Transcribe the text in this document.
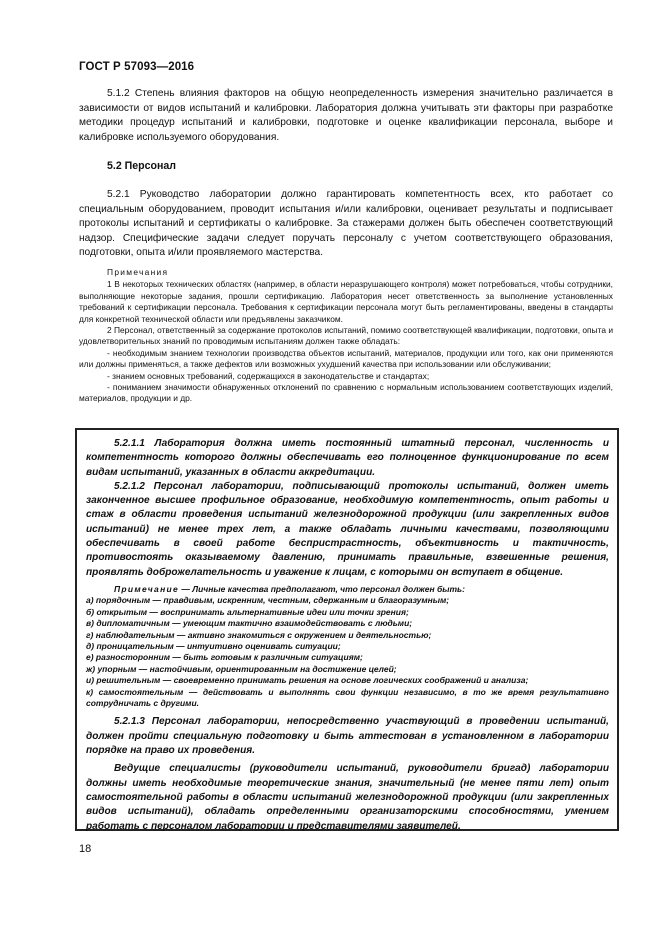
ГОСТ Р 57093—2016

5.1.2 Степень влияния факторов на общую неопределенность измерения значительно различается в зависимости от видов испытаний и калибровки. Лаборатория должна учитывать эти факторы при разработке методики процедур испытаний и калибровки, подготовке и оценке квалификации персонала, выборе и калибровке используемого оборудования.

5.2 Персонал

5.2.1 Руководство лаборатории должно гарантировать компетентность всех, кто работает со специальным оборудованием, проводит испытания и/или калибровки, оценивает результаты и подписывает протоколы испытаний и сертификаты о калибровке. За стажерами должен быть обеспечен соответствующий надзор. Специфические задачи следует поручать персоналу с учетом соответствующего образования, подготовки, опыта и/или проявляемого мастерства.

Примечания

1 В некоторых технических областях (например, в области неразрушающего контроля) может потребоваться, чтобы сотрудники, выполняющие некоторые задания, прошли сертификацию. Лаборатория несет ответственность за выполнение установленных требований к сертификации персонала. Требования к сертификации персонала могут быть регламентированы, введены в стандарты для конкретной технической области или предъявлены заказчиком.

2 Персонал, ответственный за содержание протоколов испытаний, помимо соответствующей квалификации, подготовки, опыта и удовлетворительных знаний по проводимым испытаниям должен также обладать:

- необходимым знанием технологии производства объектов испытаний, материалов, продукции или того, как они применяются или должны применяться, а также дефектов или возможных ухудшений качества при использовании или обслуживании;

- знанием основных требований, содержащихся в законодательстве и стандартах;

- пониманием значимости обнаруженных отклонений по сравнению с нормальным использованием соответствующих изделий, материалов, продукции и др.

5.2.1.1 Лаборатория должна иметь постоянный штатный персонал, численность и компетентность которого должны обеспечивать его полноценное функционирование по всем видам испытаний, указанных в области аккредитации.

5.2.1.2 Персонал лаборатории, подписывающий протоколы испытаний, должен иметь законченное высшее профильное образование, необходимую компетентность, опыт работы и стаж в области проведения испытаний железнодорожной продукции (или закрепленных видов испытаний) не менее трех лет, а также обладать личными качествами, позволяющими обеспечивать в своей работе беспристрастность, объективность и тактичность, противостоять оказываемому давлению, принимать правильные, взвешенные решения, проявлять доброжелательность и уважение к лицам, с которыми он вступает в общение.

Примечание — Личные качества предполагают, что персонал должен быть:

а) порядочным — правдивым, искренним, честным, сдержанным и благоразумным;

б) открытым — воспринимать альтернативные идеи или точки зрения;

в) дипломатичным — умеющим тактично взаимодействовать с людьми;

г) наблюдательным — активно знакомиться с окружением и деятельностью;

д) проницательным — интуитивно оценивать ситуации;

е) разносторонним — быть готовым к различным ситуациям;

ж) упорным — настойчивым, ориентированным на достижение целей;

и) решительным — своевременно принимать решения на основе логических соображений и анализа;

к) самостоятельным — действовать и выполнять свои функции независимо, в то же время результативно сотрудничать с другими.

5.2.1.3 Персонал лаборатории, непосредственно участвующий в проведении испытаний, должен пройти специальную подготовку и быть аттестован в установленном в лаборатории порядке на право их проведения.

Ведущие специалисты (руководители испытаний, руководители бригад) лаборатории должны иметь необходимые теоретические знания, значительный (не менее пяти лет) опыт самостоятельной работы в области испытаний железнодорожной продукции (или закрепленных видов испытаний), обладать определенными организаторскими способностями, умением работать с персоналом лаборатории и представителями заявителей.

18
